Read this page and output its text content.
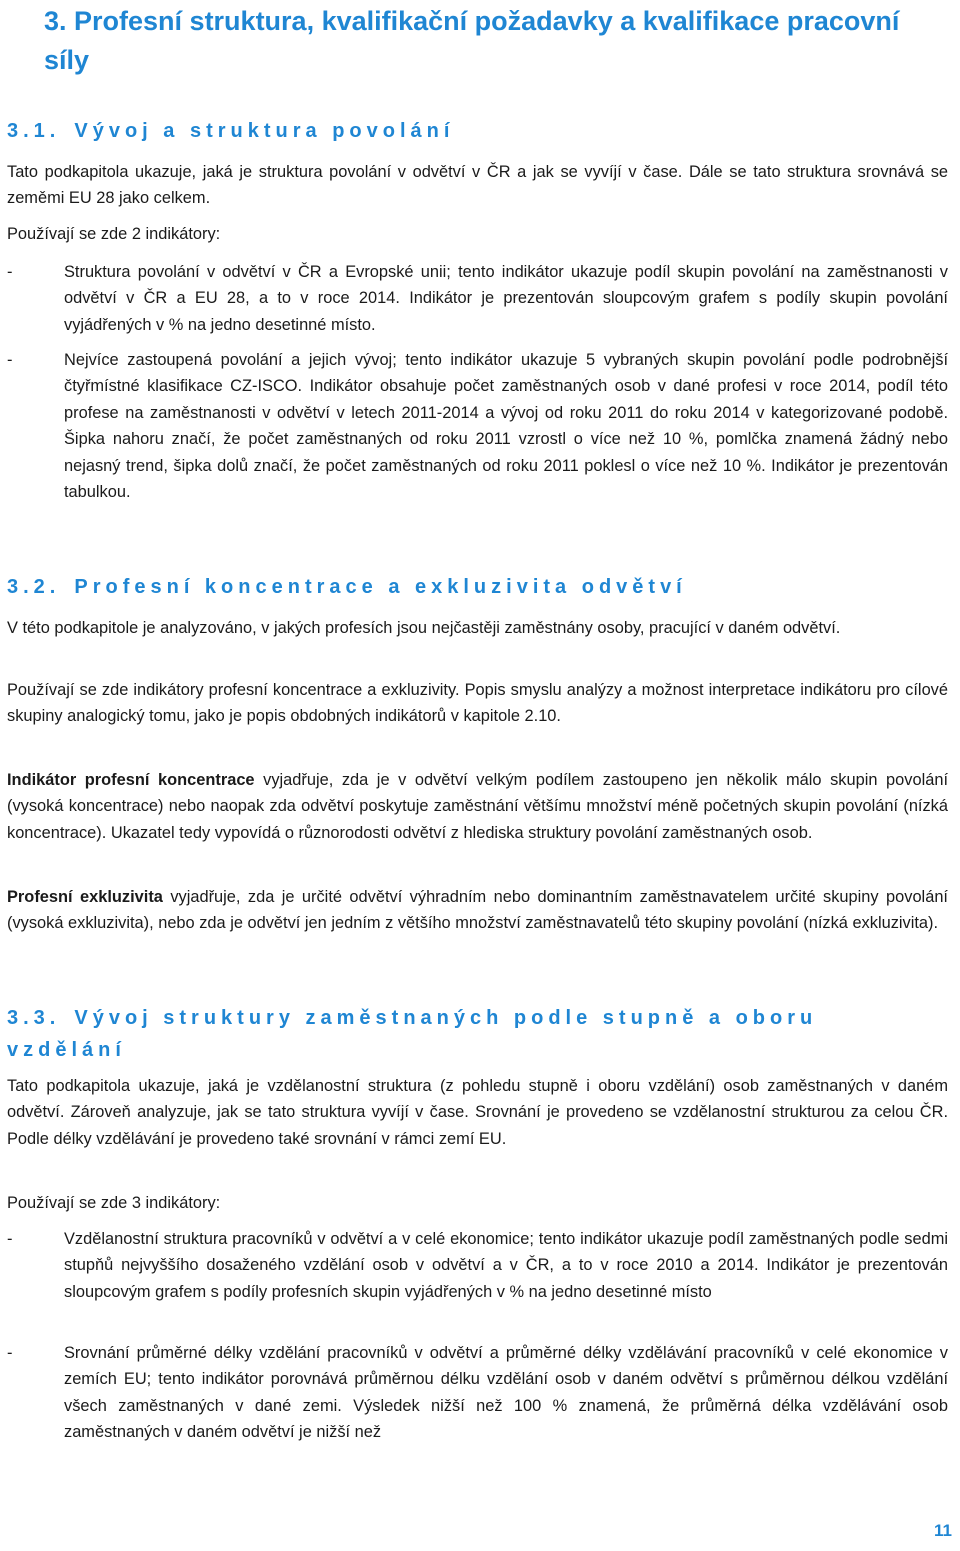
3. Profesní struktura, kvalifikační požadavky a kvalifikace pracovní síly
3.1. Vývoj a struktura povolání

Tato podkapitola ukazuje, jaká je struktura povolání v odvětví v ČR a jak se vyvíjí v čase. Dále se tato struktura srovnává se zeměmi EU 28 jako celkem.

Používají se zde 2 indikátory:

-	Struktura povolání v odvětví v ČR a Evropské unii; tento indikátor ukazuje podíl skupin povolání na zaměstnanosti v odvětví v ČR a EU 28, a to v roce 2014. Indikátor je prezentován sloupcovým grafem s podíly skupin povolání vyjádřených v % na jedno desetinné místo.
-	Nejvíce zastoupená povolání a jejich vývoj; tento indikátor ukazuje 5 vybraných skupin povolání podle podrobnější čtyřmístné klasifikace CZ-ISCO. Indikátor obsahuje počet zaměstnaných osob v dané profesi v roce 2014, podíl této profese na zaměstnanosti v odvětví v letech 2011-2014 a vývoj od roku 2011 do roku 2014 v kategorizované podobě. Šipka nahoru značí, že počet zaměstnaných od roku 2011 vzrostl o více než 10 %, pomlčka znamená žádný nebo nejasný trend, šipka dolů značí, že počet zaměstnaných od roku 2011 poklesl o více než 10 %. Indikátor je prezentován tabulkou.
3.2. Profesní koncentrace a exkluzivita odvětví

V této podkapitole je analyzováno, v jakých profesích jsou nejčastěji zaměstnány osoby, pracující v daném odvětví.

Používají se zde indikátory profesní koncentrace a exkluzivity. Popis smyslu analýzy a možnost interpretace indikátoru pro cílové skupiny analogický tomu, jako je popis obdobných indikátorů v kapitole 2.10.

Indikátor profesní koncentrace vyjadřuje, zda je v odvětví velkým podílem zastoupeno jen několik málo skupin povolání (vysoká koncentrace) nebo naopak zda odvětví poskytuje zaměstnání většímu množství méně početných skupin povolání (nízká koncentrace). Ukazatel tedy vypovídá o různorodosti odvětví z hlediska struktury povolání zaměstnaných osob.

Profesní exkluzivita vyjadřuje, zda je určité odvětví výhradním nebo dominantním zaměstnavatelem určité skupiny povolání (vysoká exkluzivita), nebo zda je odvětví jen jedním z většího množství zaměstnavatelů této skupiny povolání (nízká exkluzivita).

3.3. Vývoj struktury zaměstnaných podle stupně a oboru vzdělání

Tato podkapitola ukazuje, jaká je vzdělanostní struktura (z pohledu stupně i oboru vzdělání) osob zaměstnaných v daném odvětví. Zároveň analyzuje, jak se tato struktura vyvíjí v čase. Srovnání je provedeno se vzdělanostní strukturou za celou ČR. Podle délky vzdělávání je provedeno také srovnání v rámci zemí EU.

Používají se zde 3 indikátory:

-	Vzdělanostní struktura pracovníků v odvětví a v celé ekonomice; tento indikátor ukazuje podíl zaměstnaných podle sedmi stupňů nejvyššího dosaženého vzdělání osob v odvětví a v ČR, a to v roce 2010 a 2014. Indikátor je prezentován sloupcovým grafem s podíly profesních skupin vyjádřených v % na jedno desetinné místo
-	Srovnání průměrné délky vzdělání pracovníků v odvětví a průměrné délky vzdělávání pracovníků v celé ekonomice v zemích EU; tento indikátor porovnává průměrnou délku vzdělání osob v daném odvětví s průměrnou délkou vzdělání všech zaměstnaných v dané zemi. Výsledek nižší než 100 % znamená, že průměrná délka vzdělávání osob zaměstnaných v daném odvětví je nižší než
11
